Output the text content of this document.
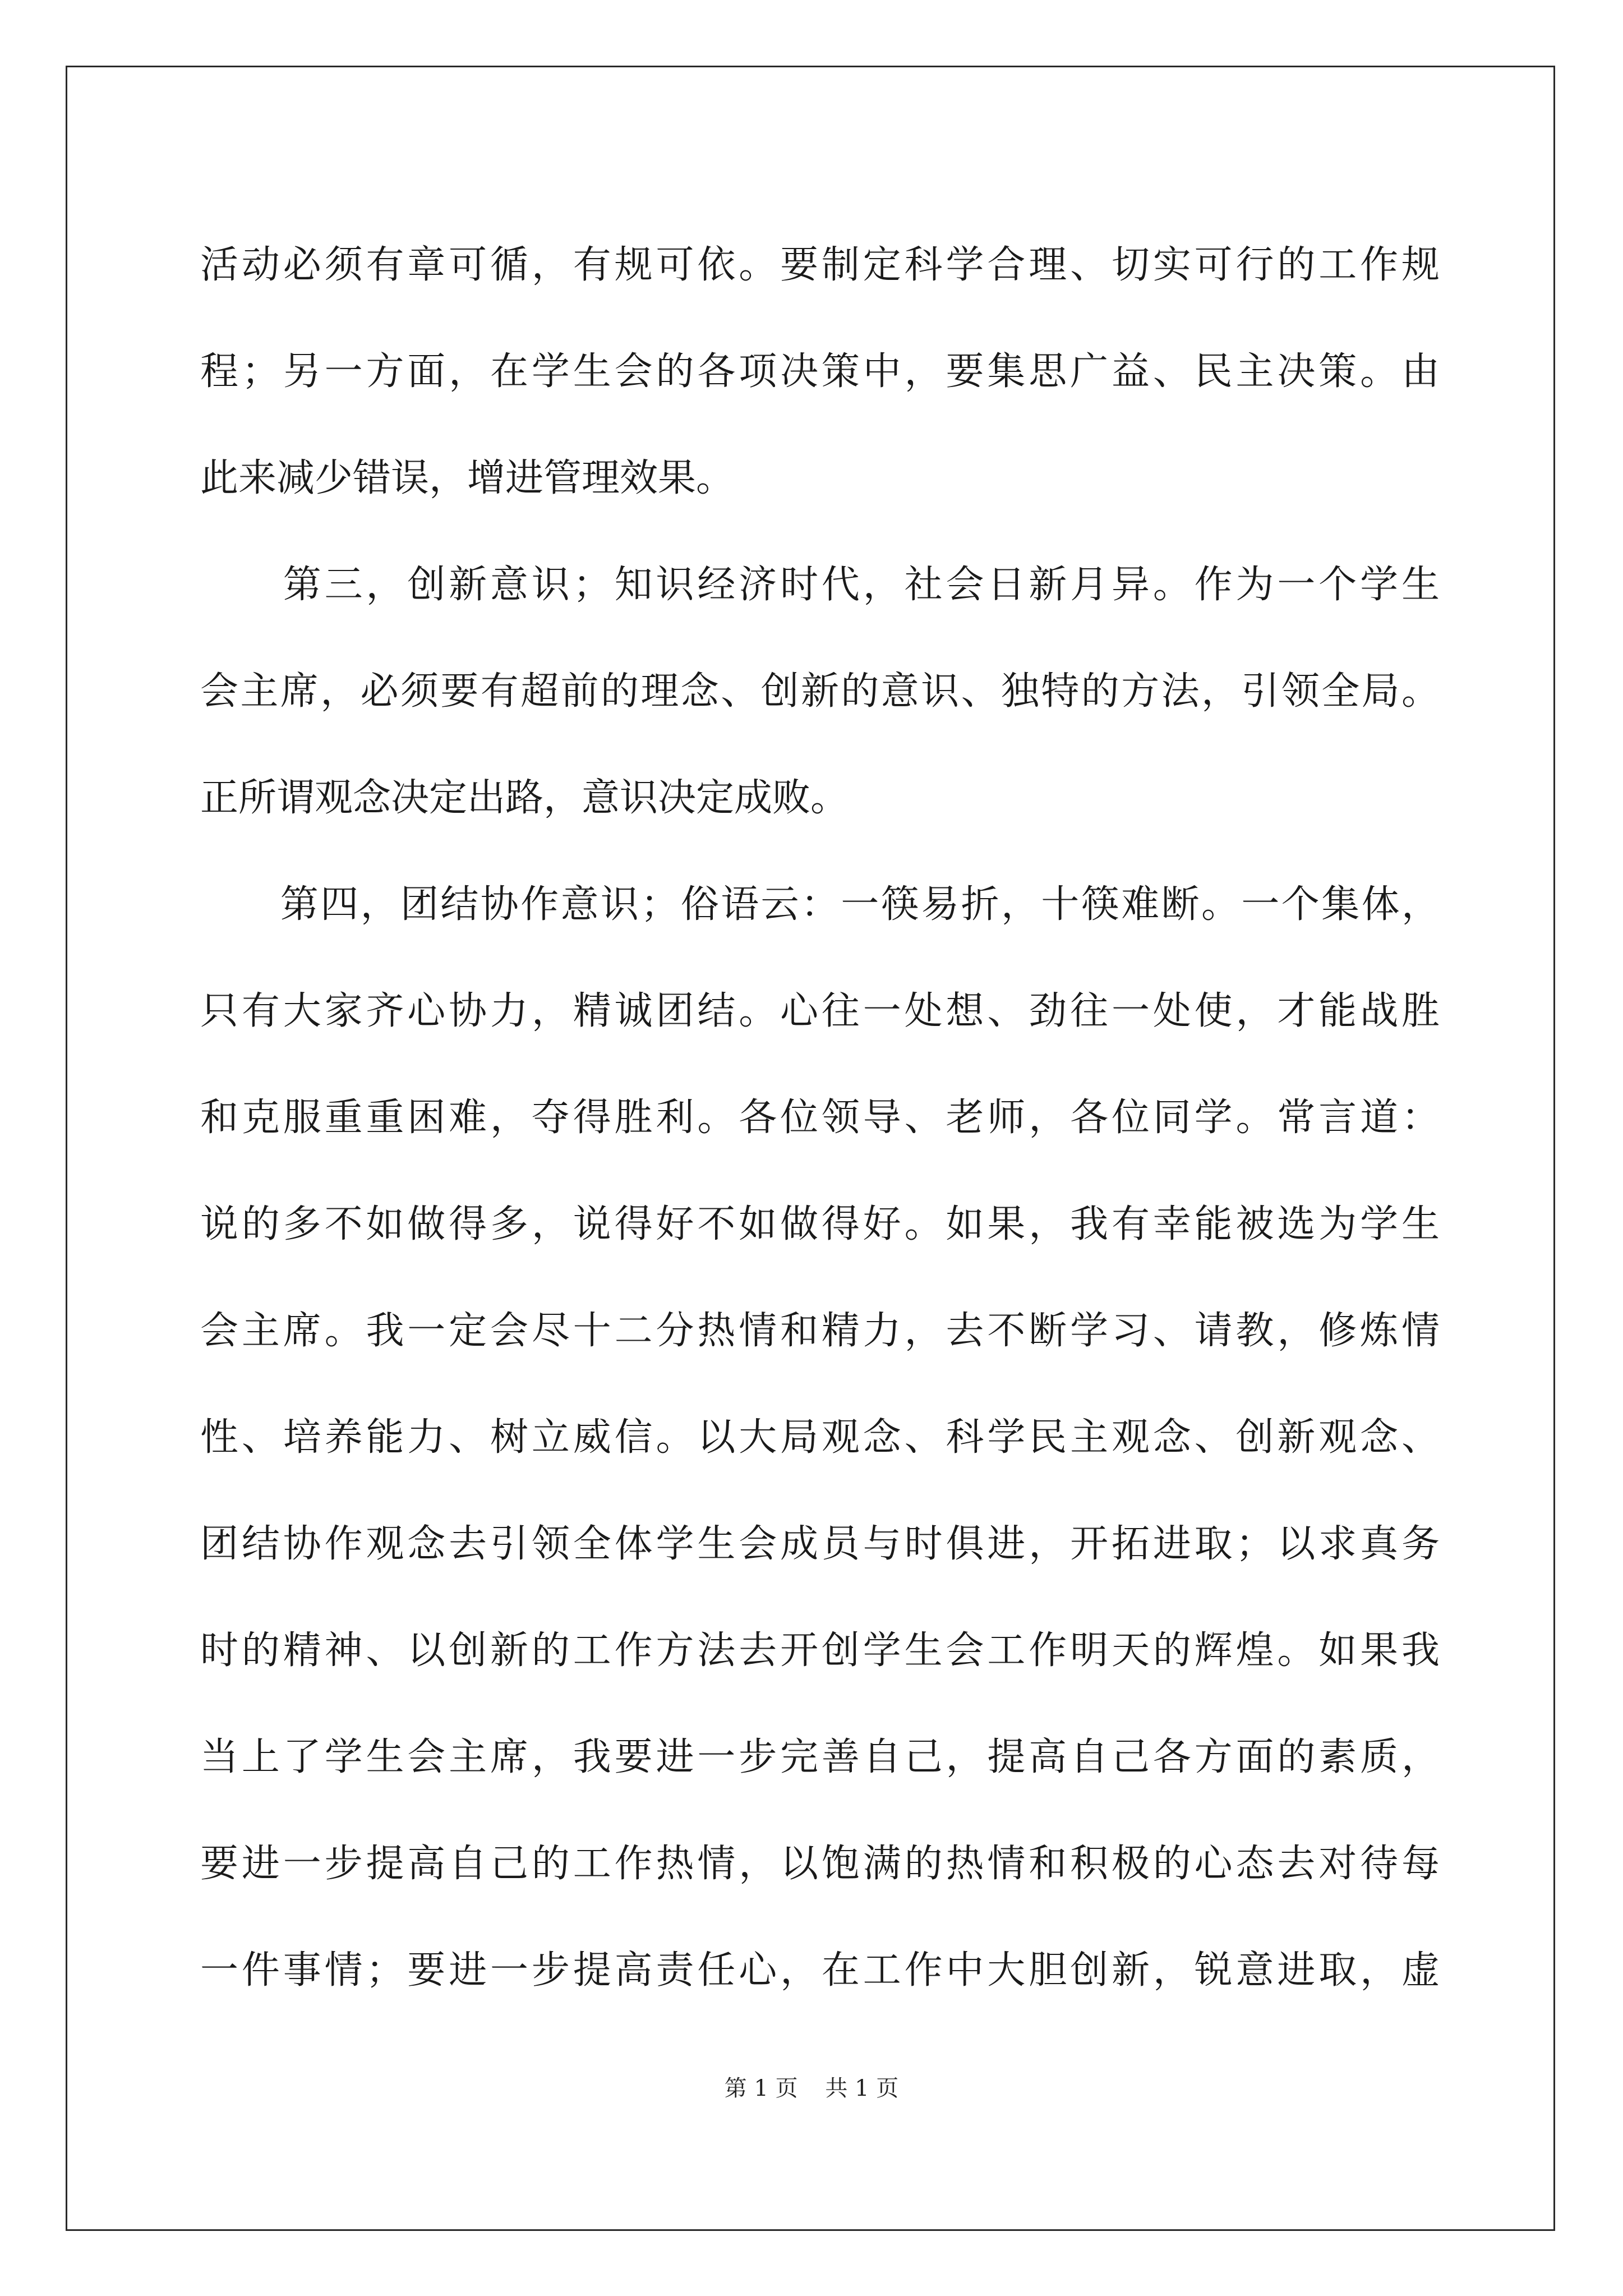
活动必须有章可循，有规可依。要制定科学合理、切实可行的工作规
程；另一方面，在学生会的各项决策中，要集思广益、民主决策。由
此来减少错误，增进管理效果。
　　第三，创新意识；知识经济时代，社会日新月异。作为一个学生
会主席，必须要有超前的理念、创新的意识、独特的方法，引领全局。
正所谓观念决定出路，意识决定成败。
　　第四，团结协作意识；俗语云：一筷易折，十筷难断。一个集体，
只有大家齐心协力，精诚团结。心往一处想、劲往一处使，才能战胜
和克服重重困难，夺得胜利。各位领导、老师，各位同学。常言道：
说的多不如做得多，说得好不如做得好。如果，我有幸能被选为学生
会主席。我一定会尽十二分热情和精力，去不断学习、请教，修炼情
性、培养能力、树立威信。以大局观念、科学民主观念、创新观念、
团结协作观念去引领全体学生会成员与时俱进，开拓进取；以求真务
时的精神、以创新的工作方法去开创学生会工作明天的辉煌。如果我
当上了学生会主席，我要进一步完善自己，提高自己各方面的素质，
要进一步提高自己的工作热情，以饱满的热情和积极的心态去对待每
一件事情；要进一步提高责任心，在工作中大胆创新，锐意进取，虚
第 1 页 共 1 页
